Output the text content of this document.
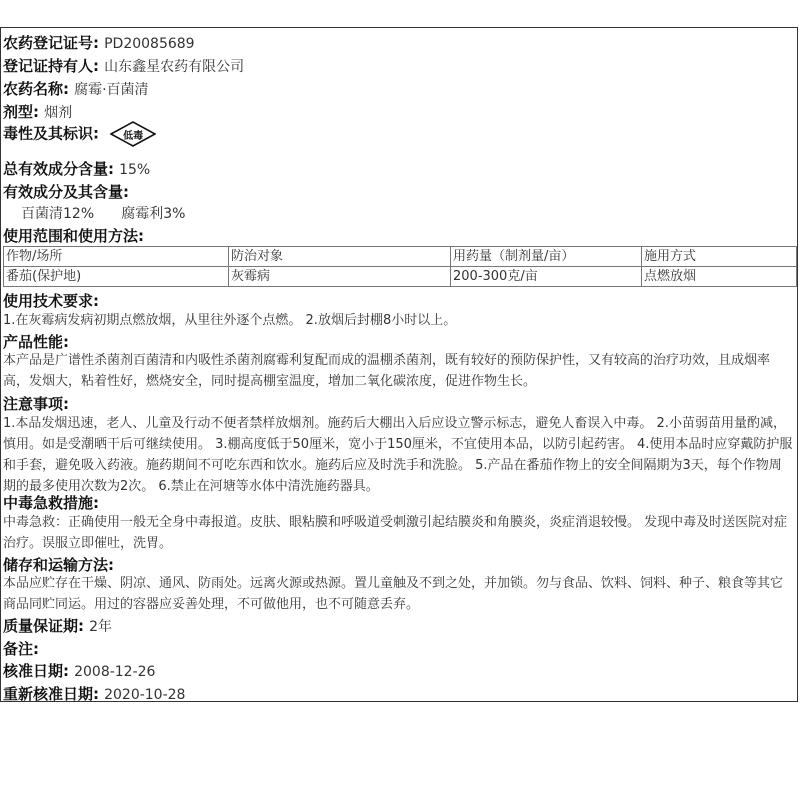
农药登记证号: PD20085689
登记证持有人: 山东鑫星农药有限公司
农药名称: 腐霉·百菌清
剂型: 烟剂
毒性及其标识:	低毒
总有效成分含量: 15%
有效成分及其含量:
百菌清12% 腐霉利3%
使用范围和使用方法:
作物/场所	防治对象	用药量（制剂量/亩）	施用方式
番茄(保护地)	灰霉病	200-300克/亩	点燃放烟
使用技术要求:
1.在灰霉病发病初期点燃放烟，从里往外逐个点燃。 2.放烟后封棚8小时以上。
产品性能:
本产品是广谱性杀菌剂百菌清和内吸性杀菌剂腐霉利复配而成的温棚杀菌剂，既有较好的预防保护性，又有较高的治疗功效，且成烟率高，发烟大，粘着性好，燃烧安全，同时提高棚室温度，增加二氧化碳浓度，促进作物生长。
注意事项:
1.本品发烟迅速，老人、儿童及行动不便者禁样放烟剂。施药后大棚出入后应设立警示标志，避免人畜误入中毒。 2.小苗弱苗用量酌减，慎用。如是受潮晒干后可继续使用。 3.棚高度低于50厘米，宽小于150厘米，不宜使用本品，以防引起药害。 4.使用本品时应穿戴防护服和手套，避免吸入药液。施药期间不可吃东西和饮水。施药后应及时洗手和洗脸。 5.产品在番茄作物上的安全间隔期为3天，每个作物周期的最多使用次数为2次。 6.禁止在河塘等水体中清洗施药器具。
中毒急救措施:
中毒急救：正确使用一般无全身中毒报道。皮肤、眼粘膜和呼吸道受刺激引起结膜炎和角膜炎，炎症消退较慢。 发现中毒及时送医院对症治疗。误服立即催吐，洗胃。
储存和运输方法:
本品应贮存在干燥、阴凉、通风、防雨处。远离火源或热源。置儿童触及不到之处，并加锁。勿与食品、饮料、饲料、种子、粮食等其它商品同贮同运。用过的容器应妥善处理，不可做他用，也不可随意丢弃。
质量保证期: 2年
备注:
核准日期: 2008-12-26
重新核准日期: 2020-10-28
